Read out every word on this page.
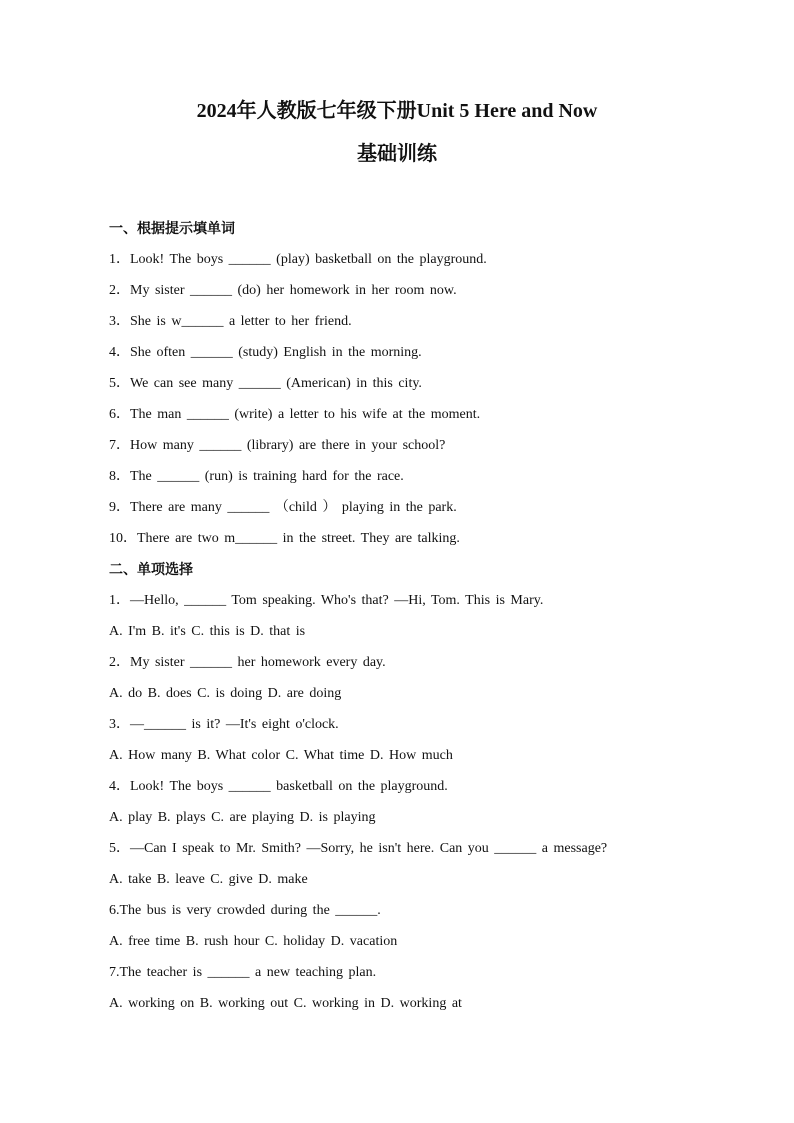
2024年人教版七年级下册Unit 5 Here and Now
基础训练
一、根据提示填单词
1．Look! The boys ______ (play) basketball on the playground.
2．My sister ______ (do) her homework in her room now.
3．She is w______ a letter to her friend.
4．She often ______ (study) English in the morning.
5．We can see many ______ (American) in this city.
6．The man ______ (write) a letter to his wife at the moment.
7．How many ______ (library) are there in your school?
8．The ______ (run) is training hard for the race.
9．There are many ______ （child ） playing in the park.
10．There are two m______ in the street. They are talking.
二、单项选择
1．—Hello, ______ Tom speaking. Who's that? —Hi, Tom. This is Mary.
A. I'm B. it's C. this is D. that is
2．My sister ______ her homework every day.
A. do B. does C. is doing D. are doing
3．—______ is it? —It's eight o'clock.
A. How many B. What color C. What time D. How much
4．Look! The boys ______ basketball on the playground.
A. play B. plays C. are playing D. is playing
5．—Can I speak to Mr. Smith? —Sorry, he isn't here. Can you ______ a message?
A. take B. leave C. give D. make
6.The bus is very crowded during the ______.
A. free time B. rush hour C. holiday D. vacation
7.The teacher is ______ a new teaching plan.
A. working on B. working out C. working in D. working at
